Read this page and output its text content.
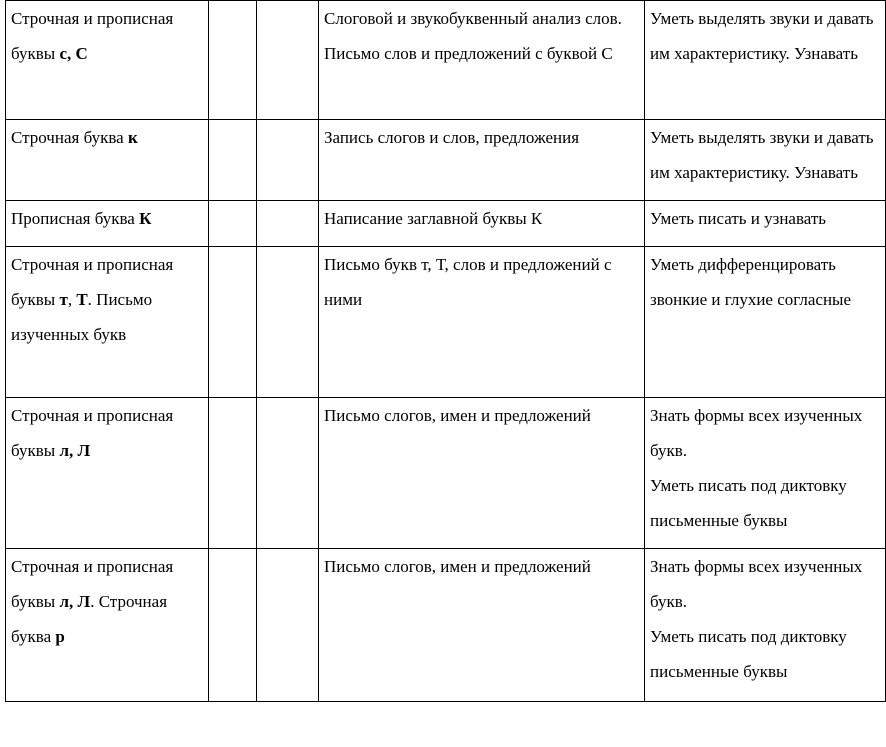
Строчная и прописная буквы с, С			Слоговой и звукобуквенный анализ слов. Письмо слов и предложений с буквой С	Уметь выделять звуки и давать им характеристику. Узнавать

Строчная буква к			Запись слогов и слов, предложения	Уметь выделять звуки и давать им характеристику. Узнавать

Прописная буква К			Написание заглавной буквы К	Уметь писать и узнавать

Строчная и прописная буквы т, Т. Письмо изученных букв			Письмо букв т, Т, слов и предложений с ними	Уметь дифференцировать звонкие и глухие согласные

Строчная и прописная буквы л, Л			Письмо слогов, имен и предложений	Знать формы всех изученных букв.
Уметь писать под диктовку письменные буквы

Строчная и прописная буквы л, Л. Строчная буква р			Письмо слогов, имен и предложений	Знать формы всех изученных букв.
Уметь писать под диктовку письменные буквы
